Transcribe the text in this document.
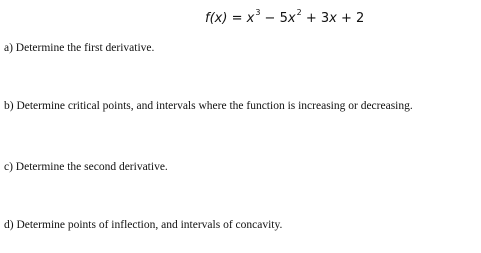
$f(x) = x^3 - 5x^2 + 3x + 2$
a) Determine the first derivative.
b) Determine critical points, and intervals where the function is increasing or decreasing.
c) Determine the second derivative.
d) Determine points of inflection, and intervals of concavity.
